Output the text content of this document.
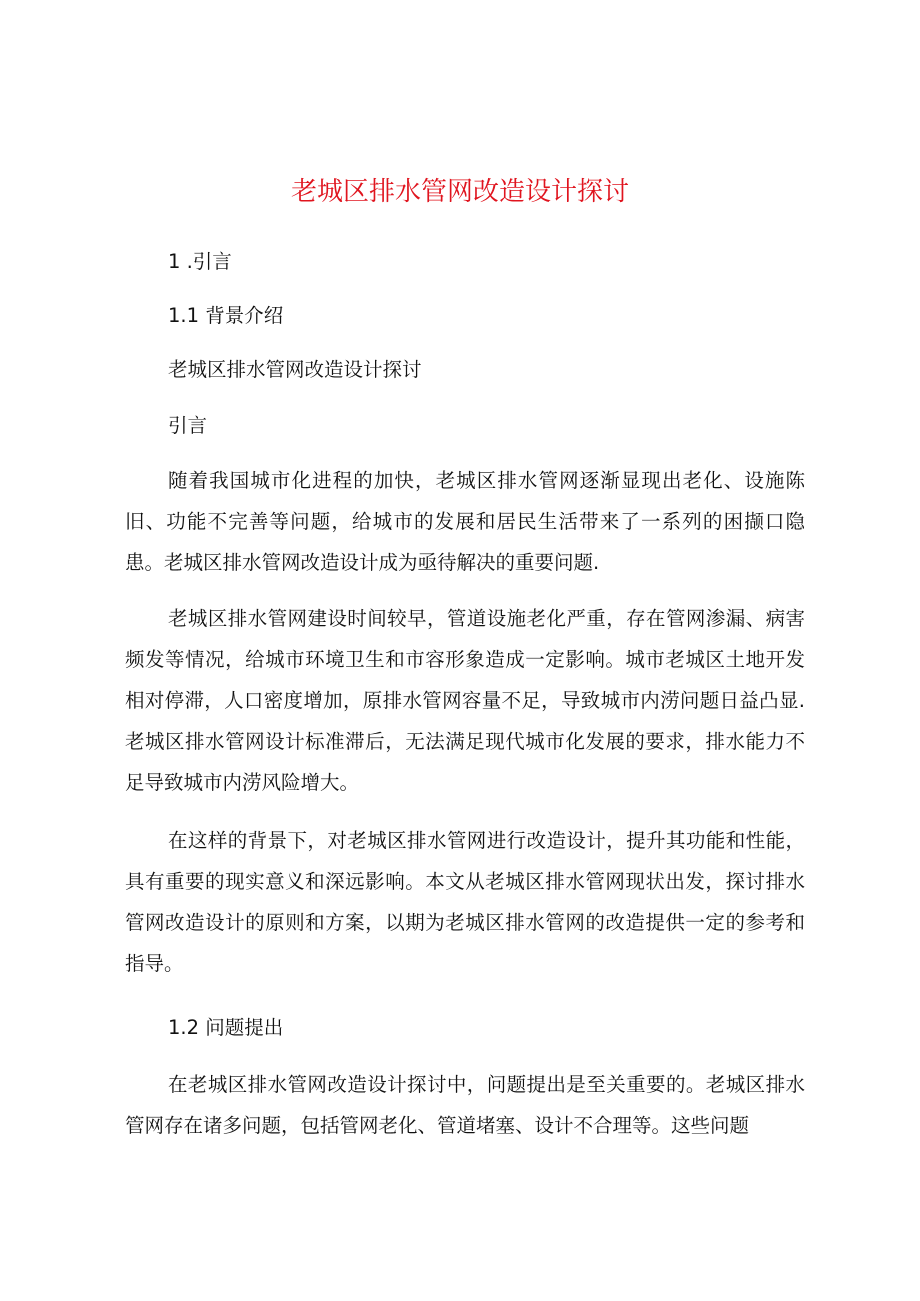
老城区排水管网改造设计探讨
1 .引言
1.1 背景介绍
老城区排水管网改造设计探讨
引言
随着我国城市化进程的加快，老城区排水管网逐渐显现出老化、设施陈旧、功能不完善等问题，给城市的发展和居民生活带来了一系列的困撷口隐患。老城区排水管网改造设计成为亟待解决的重要问题.
老城区排水管网建设时间较早，管道设施老化严重，存在管网渗漏、病害频发等情况，给城市环境卫生和市容形象造成一定影响。城市老城区土地开发相对停滞，人口密度增加，原排水管网容量不足，导致城市内涝问题日益凸显.老城区排水管网设计标准滞后，无法满足现代城市化发展的要求，排水能力不足导致城市内涝风险增大。
在这样的背景下，对老城区排水管网进行改造设计，提升其功能和性能，具有重要的现实意义和深远影响。本文从老城区排水管网现状出发，探讨排水管网改造设计的原则和方案，以期为老城区排水管网的改造提供一定的参考和指导。
1.2 问题提出
在老城区排水管网改造设计探讨中，问题提出是至关重要的。老城区排水管网存在诸多问题，包括管网老化、管道堵塞、设计不合理等。这些问题
